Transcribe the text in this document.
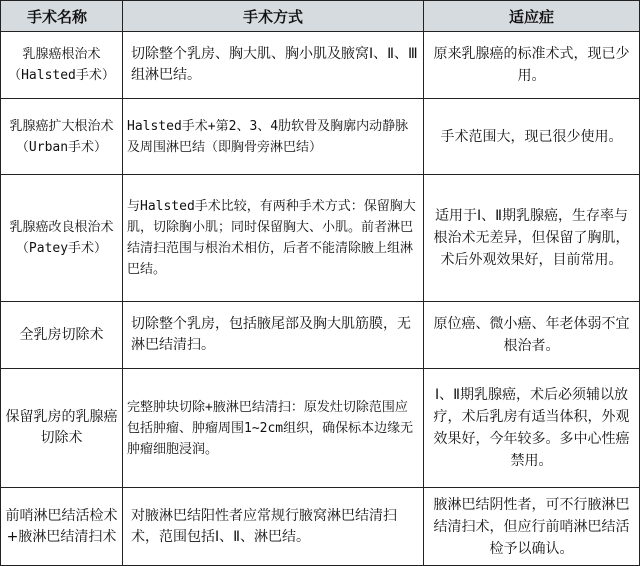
手术名称	手术方式	适应症
乳腺癌根治术（Halsted手术）	切除整个乳房、胸大肌、胸小肌及腋窝Ⅰ、Ⅱ、Ⅲ组淋巴结。	原来乳腺癌的标准术式，现已少用。
乳腺癌扩大根治术（Urban手术）	Halsted手术+第2、3、4肋软骨及胸廓内动静脉及周围淋巴结（即胸骨旁淋巴结）	手术范围大，现已很少使用。
乳腺癌改良根治术（Patey手术）	与Halsted手术比较，有两种手术方式：保留胸大肌，切除胸小肌；同时保留胸大、小肌。前者淋巴结清扫范围与根治术相仿，后者不能清除腋上组淋巴结。	适用于Ⅰ、Ⅱ期乳腺癌，生存率与根治术无差异，但保留了胸肌，术后外观效果好，目前常用。
全乳房切除术	切除整个乳房，包括腋尾部及胸大肌筋膜，无淋巴结清扫。	原位癌、微小癌、年老体弱不宜根治者。
保留乳房的乳腺癌切除术	完整肿块切除+腋淋巴结清扫：原发灶切除范围应包括肿瘤、肿瘤周围1~2cm组织，确保标本边缘无肿瘤细胞浸润。	Ⅰ、Ⅱ期乳腺癌，术后必须辅以放疗，术后乳房有适当体积，外观效果好，今年较多。多中心性癌禁用。
前哨淋巴结活检术+腋淋巴结清扫术	对腋淋巴结阳性者应常规行腋窝淋巴结清扫术，范围包括Ⅰ、Ⅱ、淋巴结。	腋淋巴结阴性者，可不行腋淋巴结清扫术，但应行前哨淋巴结活检予以确认。
